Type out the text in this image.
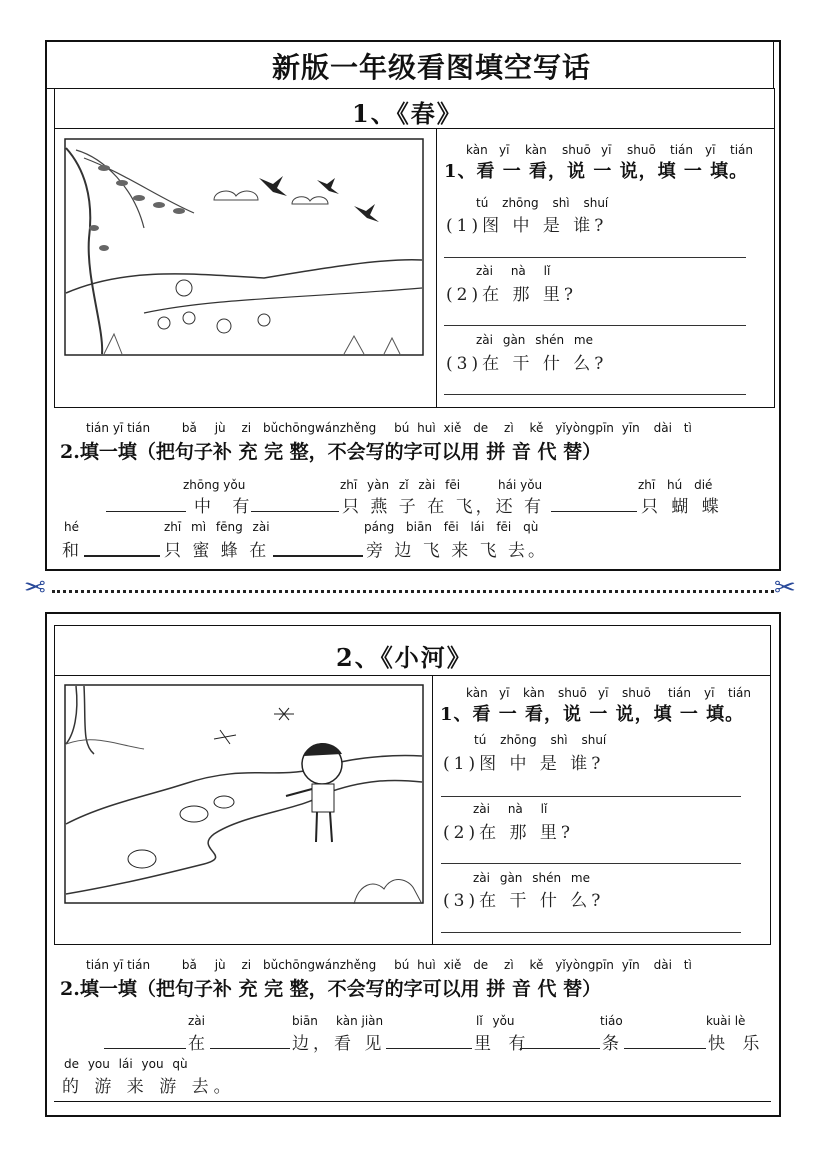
新版一年级看图填空写话
1、《春》
kàn yī kàn shuō yī shuō tián yī tián
1、看 一 看，说 一 说，填 一 填。
tú zhōng shì shuí
(1)图 中 是 谁?
zài nà lǐ
(2)在 那 里?
zài gàn shén me
(3)在 干 什 么?
tián yī tián	bǎ jù zi bǔchōngwánzhěng bú huì xiě de zì kě yǐyòngpīn yīn dài tì
2.填一填（把句子补 充 完 整，不会写的字可以用 拼 音 代 替）
zhōng yǒu	zhī yàn zǐ zài fēi	hái yǒu	zhī hú dié
中 有	只 燕 子 在 飞，还 有	只 蝴 蝶
hé	zhī mì fēng zài	páng biān fēi lái fēi qù
和	只 蜜 蜂 在	旁 边 飞 来 飞 去。
✂	✂
2、《小河》
kàn yī kàn shuō yī shuō tián yī tián
1、看 一 看，说 一 说，填 一 填。
tú zhōng shì shuí
(1)图 中 是 谁?
zài nà lǐ
(2)在 那 里?
zài gàn shén me
(3)在 干 什 么?
tián yī tián	bǎ jù zi bǔchōngwánzhěng bú huì xiě de zì kě yǐyòngpīn yīn dài tì
2.填一填（把句子补 充 完 整，不会写的字可以用 拼 音 代 替）
zài	biān kàn jiàn	lǐ yǒu	tiáo	kuài lè
在	边，看 见	里 有	条	快 乐
de you lái you qù
的 游 来 游 去。
